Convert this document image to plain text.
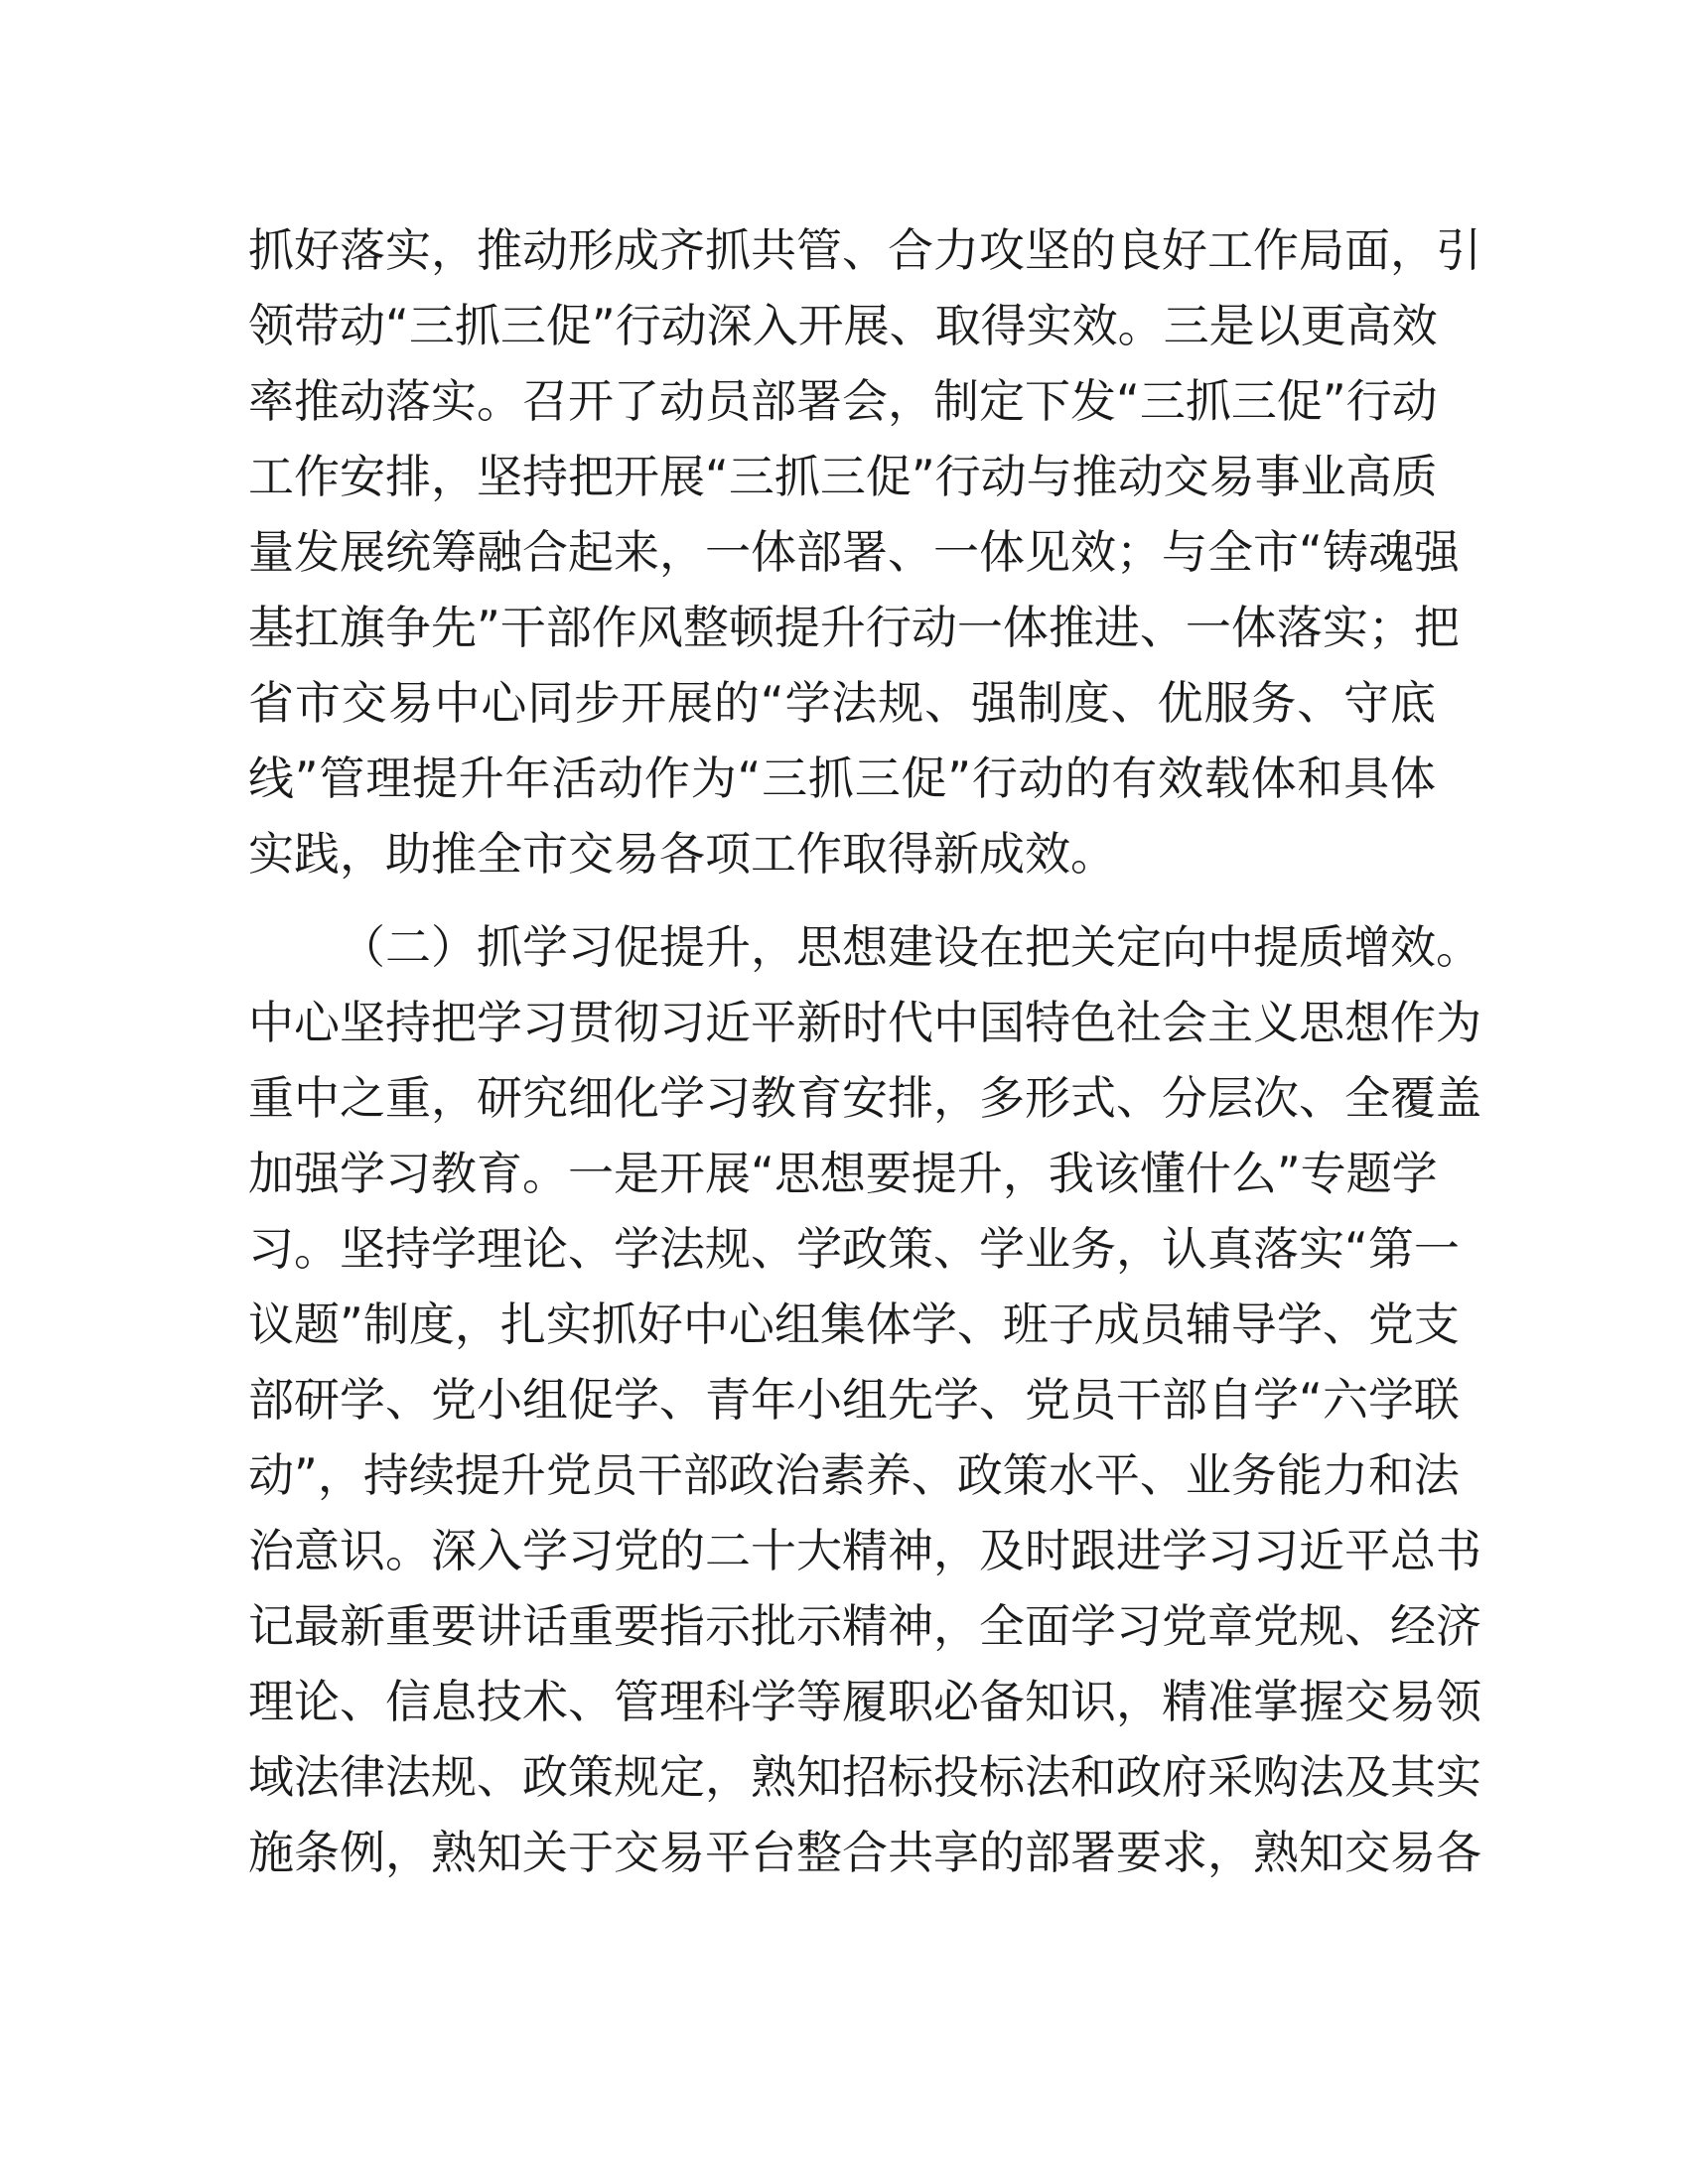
抓好落实，推动形成齐抓共管、合力攻坚的良好工作局面，引
领带动“三抓三促”行动深入开展、取得实效。三是以更高效
率推动落实。召开了动员部署会，制定下发“三抓三促”行动
工作安排，坚持把开展“三抓三促”行动与推动交易事业高质
量发展统筹融合起来，一体部署、一体见效；与全市“铸魂强
基扛旗争先”干部作风整顿提升行动一体推进、一体落实；把
省市交易中心同步开展的“学法规、强制度、优服务、守底
线”管理提升年活动作为“三抓三促”行动的有效载体和具体
实践，助推全市交易各项工作取得新成效。
（二）抓学习促提升，思想建设在把关定向中提质增效。
中心坚持把学习贯彻习近平新时代中国特色社会主义思想作为
重中之重，研究细化学习教育安排，多形式、分层次、全覆盖
加强学习教育。一是开展“思想要提升，我该懂什么”专题学
习。坚持学理论、学法规、学政策、学业务，认真落实“第一
议题”制度，扎实抓好中心组集体学、班子成员辅导学、党支
部研学、党小组促学、青年小组先学、党员干部自学“六学联
动”，持续提升党员干部政治素养、政策水平、业务能力和法
治意识。深入学习党的二十大精神，及时跟进学习习近平总书
记最新重要讲话重要指示批示精神，全面学习党章党规、经济
理论、信息技术、管理科学等履职必备知识，精准掌握交易领
域法律法规、政策规定，熟知招标投标法和政府采购法及其实
施条例，熟知关于交易平台整合共享的部署要求，熟知交易各
